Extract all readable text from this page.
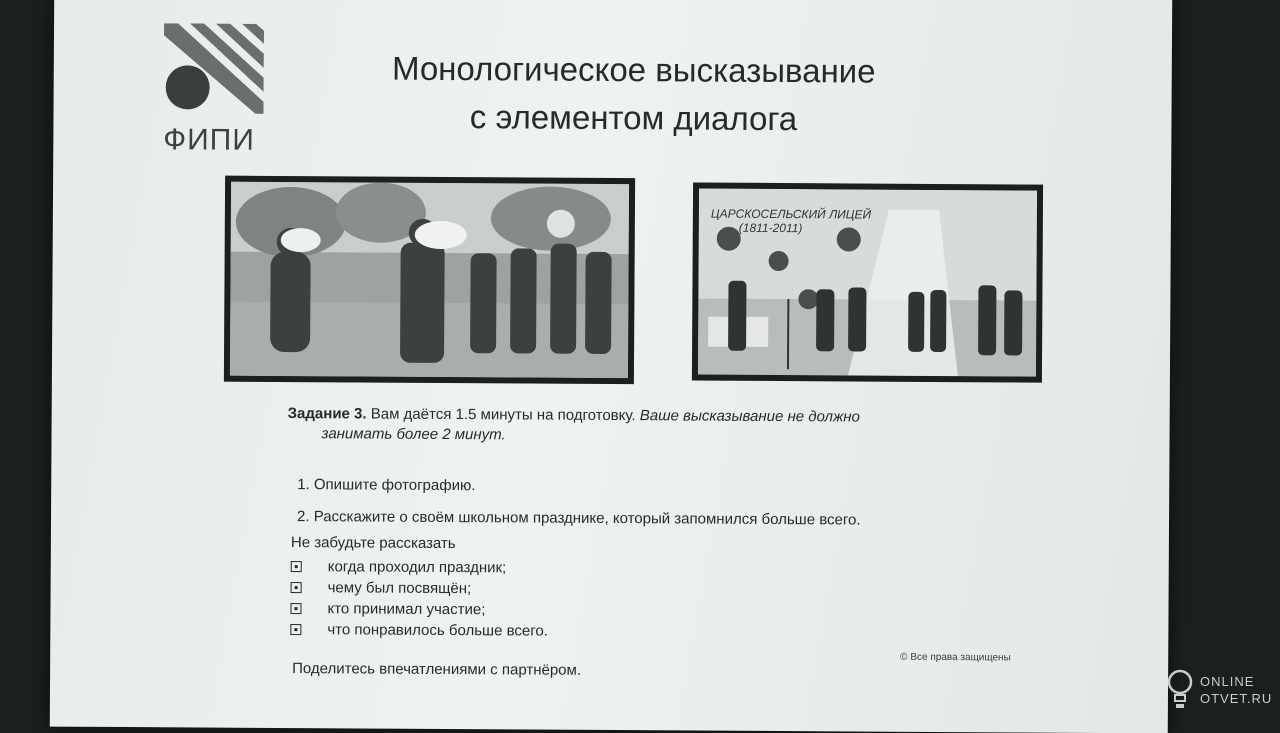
ФИПИ
Монологическое высказывание
с элементом диалога
ЦАРСКОСЕЛЬСКИЙ ЛИЦЕЙ
(1811-2011)
Задание 3. Вам даётся 1.5 минуты на подготовку. Ваше высказывание не должно
занимать более 2 минут.
1. Опишите фотографию.
2. Расскажите о своём школьном празднике, который запомнился больше всего.
Не забудьте рассказать
когда проходил праздник;
чему был посвящён;
кто принимал участие;
что понравилось больше всего.
Поделитесь впечатлениями с партнёром.
© Все права защищены
ONLINE
OTVET.RU
